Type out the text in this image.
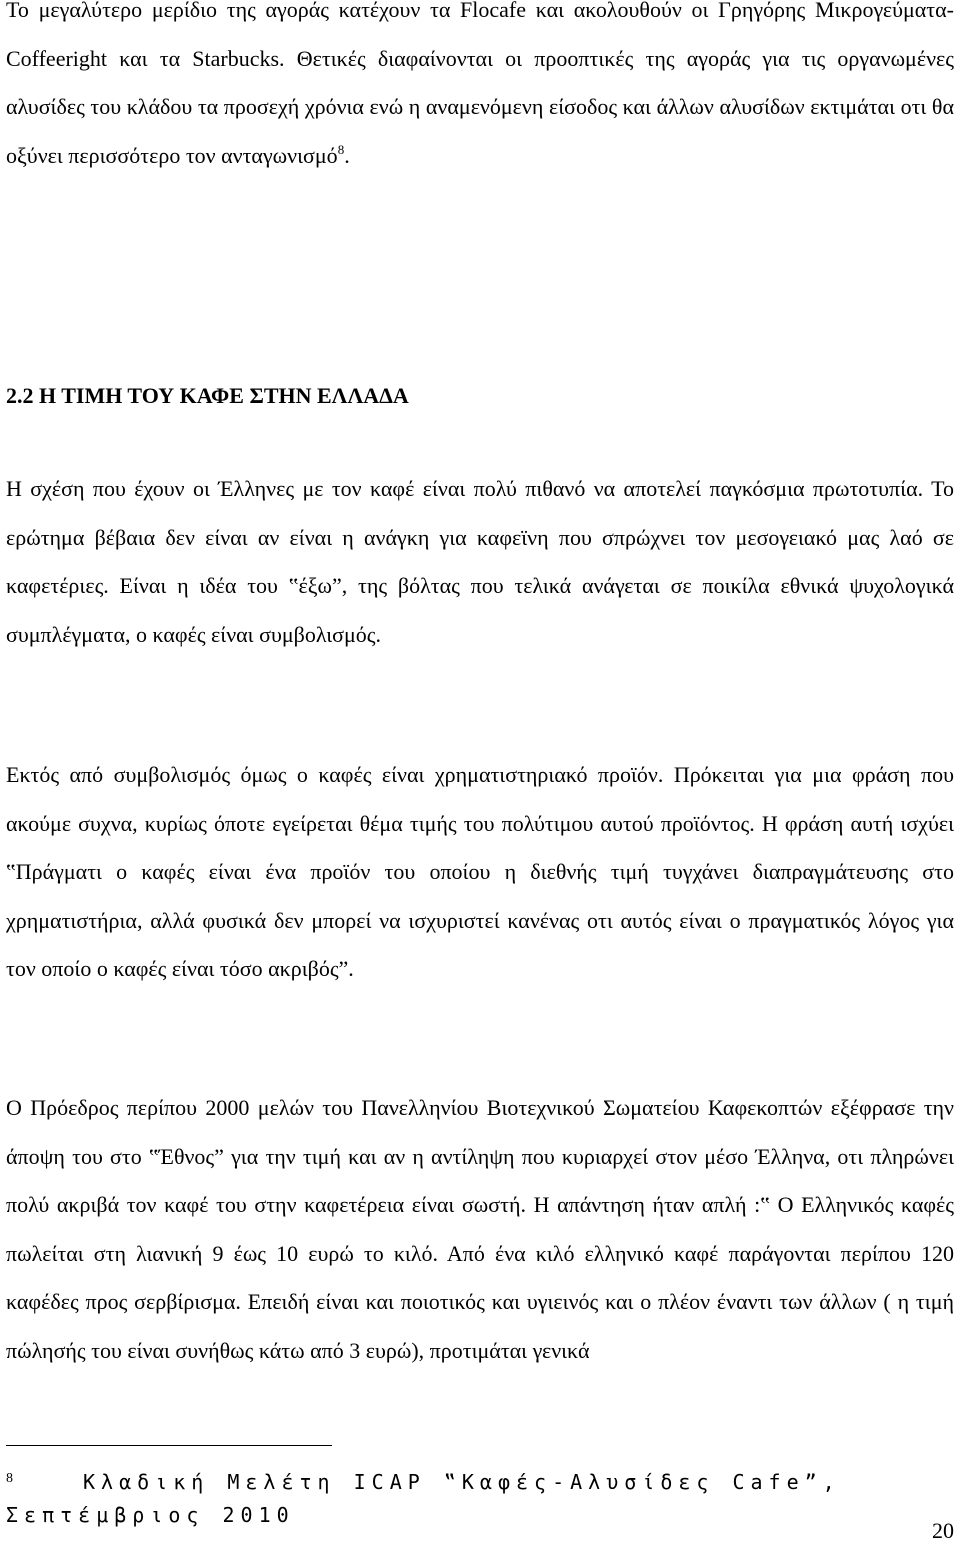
Το μεγαλύτερο μερίδιο της αγοράς κατέχουν τα Flocafe και ακολουθούν οι Γρηγόρης Μικρογεύματα-Coffeeright και τα Starbucks. Θετικές διαφαίνονται οι προοπτικές της αγοράς για τις οργανωμένες αλυσίδες του κλάδου τα προσεχή χρόνια ενώ η αναμενόμενη είσοδος και άλλων αλυσίδων εκτιμάται οτι θα οξύνει περισσότερο τον ανταγωνισμό$^8$.

2.2 Η ΤΙΜΗ ΤΟΥ ΚΑΦΕ ΣΤΗΝ ΕΛΛΑΔΑ

Η σχέση που έχουν οι Έλληνες με τον καφέ είναι πολύ πιθανό να αποτελεί παγκόσμια πρωτοτυπία. Το ερώτημα βέβαια δεν είναι αν είναι η ανάγκη για καφεϊνη που σπρώχνει τον μεσογειακό μας λαό σε καφετέριες. Είναι η ιδέα του ‟έξω”, της βόλτας που τελικά ανάγεται σε ποικίλα εθνικά ψυχολογικά συμπλέγματα, ο καφές είναι συμβολισμός.

Εκτός από συμβολισμός όμως ο καφές είναι χρηματιστηριακό προϊόν. Πρόκειται για μια φράση που ακούμε συχνα, κυρίως όποτε εγείρεται θέμα τιμής του πολύτιμου αυτού προϊόντος. Η φράση αυτή ισχύει ‟Πράγματι ο καφές είναι ένα προϊόν του οποίου η διεθνής τιμή τυγχάνει διαπραγμάτευσης στο χρηματιστήρια, αλλά φυσικά δεν μπορεί να ισχυριστεί κανένας οτι αυτός είναι ο πραγματικός λόγος για τον οποίο ο καφές είναι τόσο ακριβός”.

Ο Πρόεδρος περίπου 2000 μελών του Πανελληνίου Βιοτεχνικού Σωματείου Καφεκοπτών εξέφρασε την άποψη του στο ‟Έθνος” για την τιμή και αν η αντίληψη που κυριαρχεί στον μέσο Έλληνα, οτι πληρώνει πολύ ακριβά τον καφέ του στην καφετέρεια είναι σωστή. Η απάντηση ήταν απλή :‟ Ο Ελληνικός καφές πωλείται στη λιανική 9 έως 10 ευρώ το κιλό. Από ένα κιλό ελληνικό καφέ παράγονται περίπου 120 καφέδες προς σερβίρισμα. Επειδή είναι και ποιοτικός και υγιεινός και ο πλέον έναντι των άλλων ( η τιμή πώλησής του είναι συνήθως κάτω από 3 ευρώ), προτιμάται γενικά

$^8$	Κλαδική Μελέτη ICAP ‟Καφές-Αλυσίδες Cafe”, Σεπτέμβριος 2010

20
